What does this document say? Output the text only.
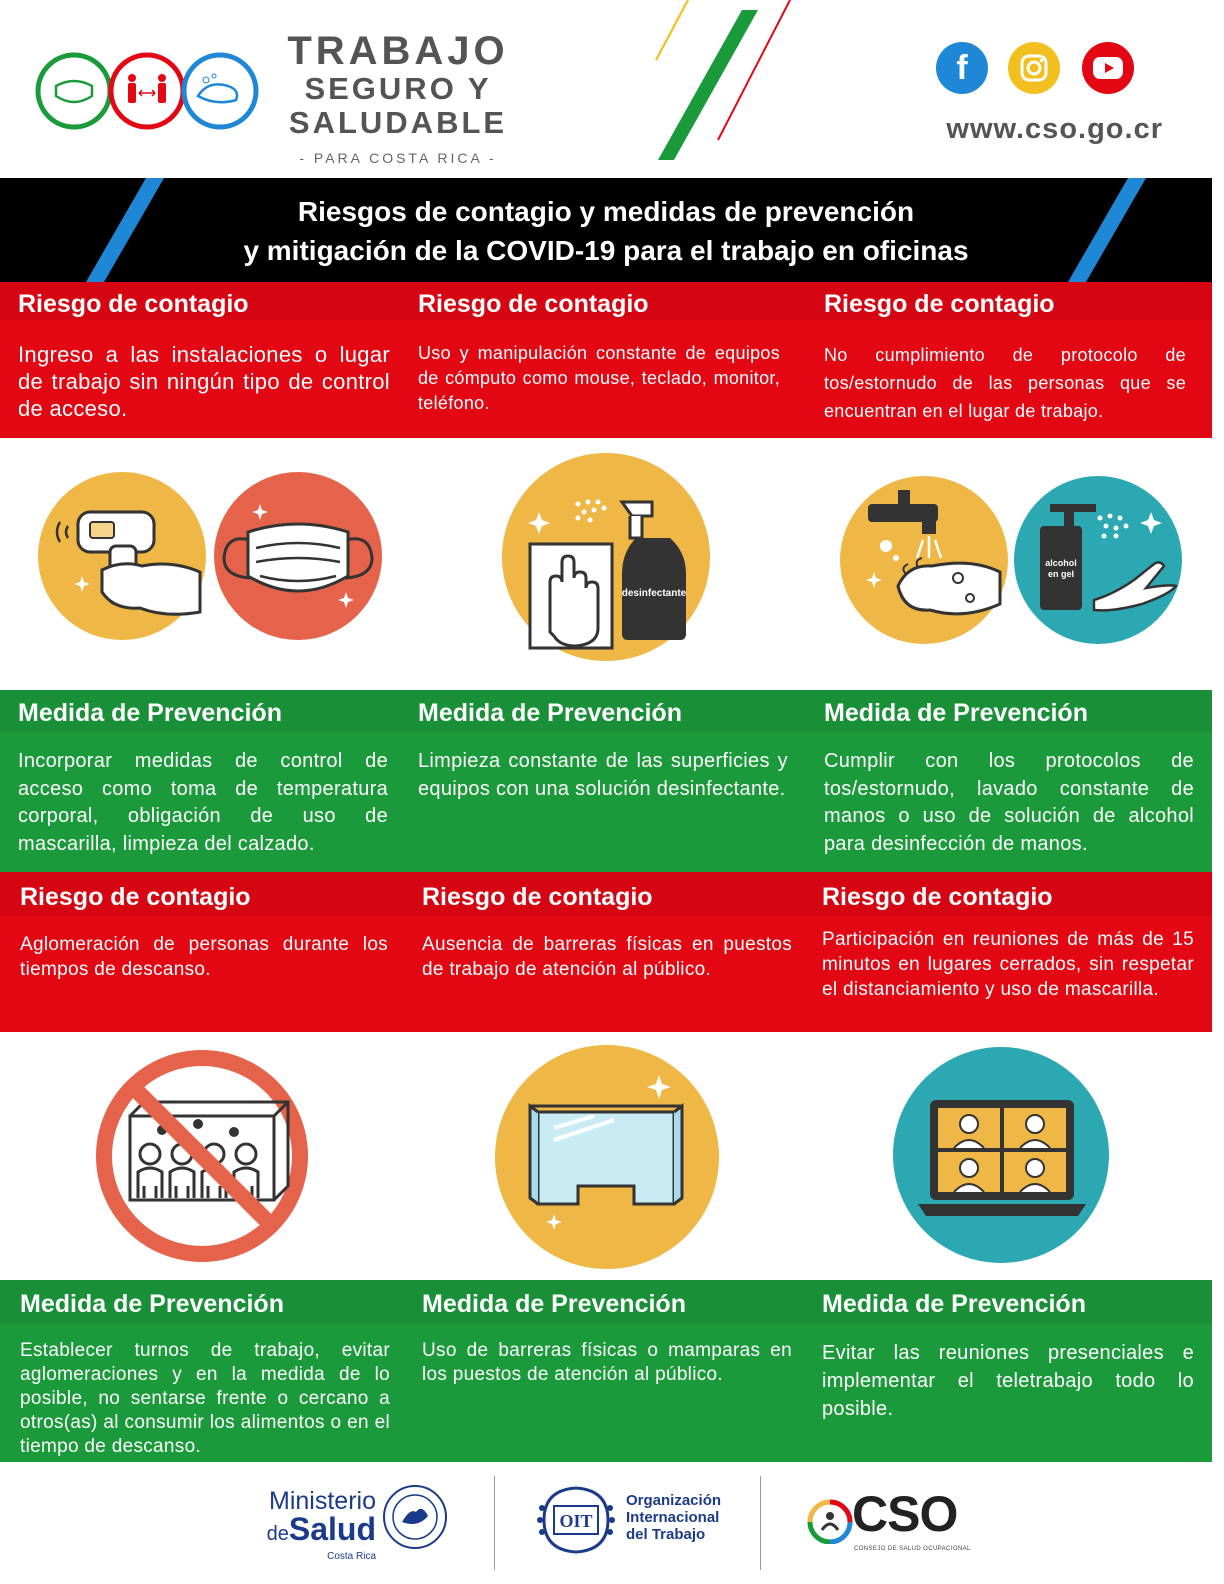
TRABAJO
SEGURO Y
SALUDABLE
- PARA COSTA RICA -
f
www.cso.go.cr
Riesgos de contagio y medidas de prevención
y mitigación de la COVID-19 para el trabajo en oficinas
Riesgo de contagio

Ingreso a las instalaciones o lugar de trabajo sin ningún tipo de control de acceso.

Riesgo de contagio

Uso y manipulación constante de equipos de cómputo como mouse, teclado, monitor, teléfono.

Riesgo de contagio

No cumplimiento de protocolo de tos/estornudo de las personas que se encuentran en el lugar de trabajo.

desinfectante
alcohol
en gel
Medida de Prevención

Incorporar medidas de control de acceso como toma de temperatura corporal, obligación de uso de mascarilla, limpieza del calzado.

Medida de Prevención

Limpieza constante de las superficies y equipos con una solución desinfectante.

Medida de Prevención

Cumplir con los protocolos de tos/estornudo, lavado constante de manos o uso de solución de alcohol para desinfección de manos.

Riesgo de contagio

Aglomeración de personas durante los tiempos de descanso.

Riesgo de contagio

Ausencia de barreras físicas en puestos de trabajo de atención al público.

Riesgo de contagio

Participación en reuniones de más de 15 minutos en lugares cerrados, sin respetar el distanciamiento y uso de mascarilla.

Medida de Prevención

Establecer turnos de trabajo, evitar aglomeraciones y en la medida de lo posible, no sentarse frente o cercano a otros(as) al consumir los alimentos o en el tiempo de descanso.

Medida de Prevención

Uso de barreras físicas o mamparas en los puestos de atención al público.

Medida de Prevención

Evitar las reuniones presenciales e implementar el teletrabajo todo lo posible.

Ministerio
deSalud
Costa Rica
OIT
Organización
Internacional
del Trabajo	CSO
CONSEJO DE SALUD OCUPACIONAL
